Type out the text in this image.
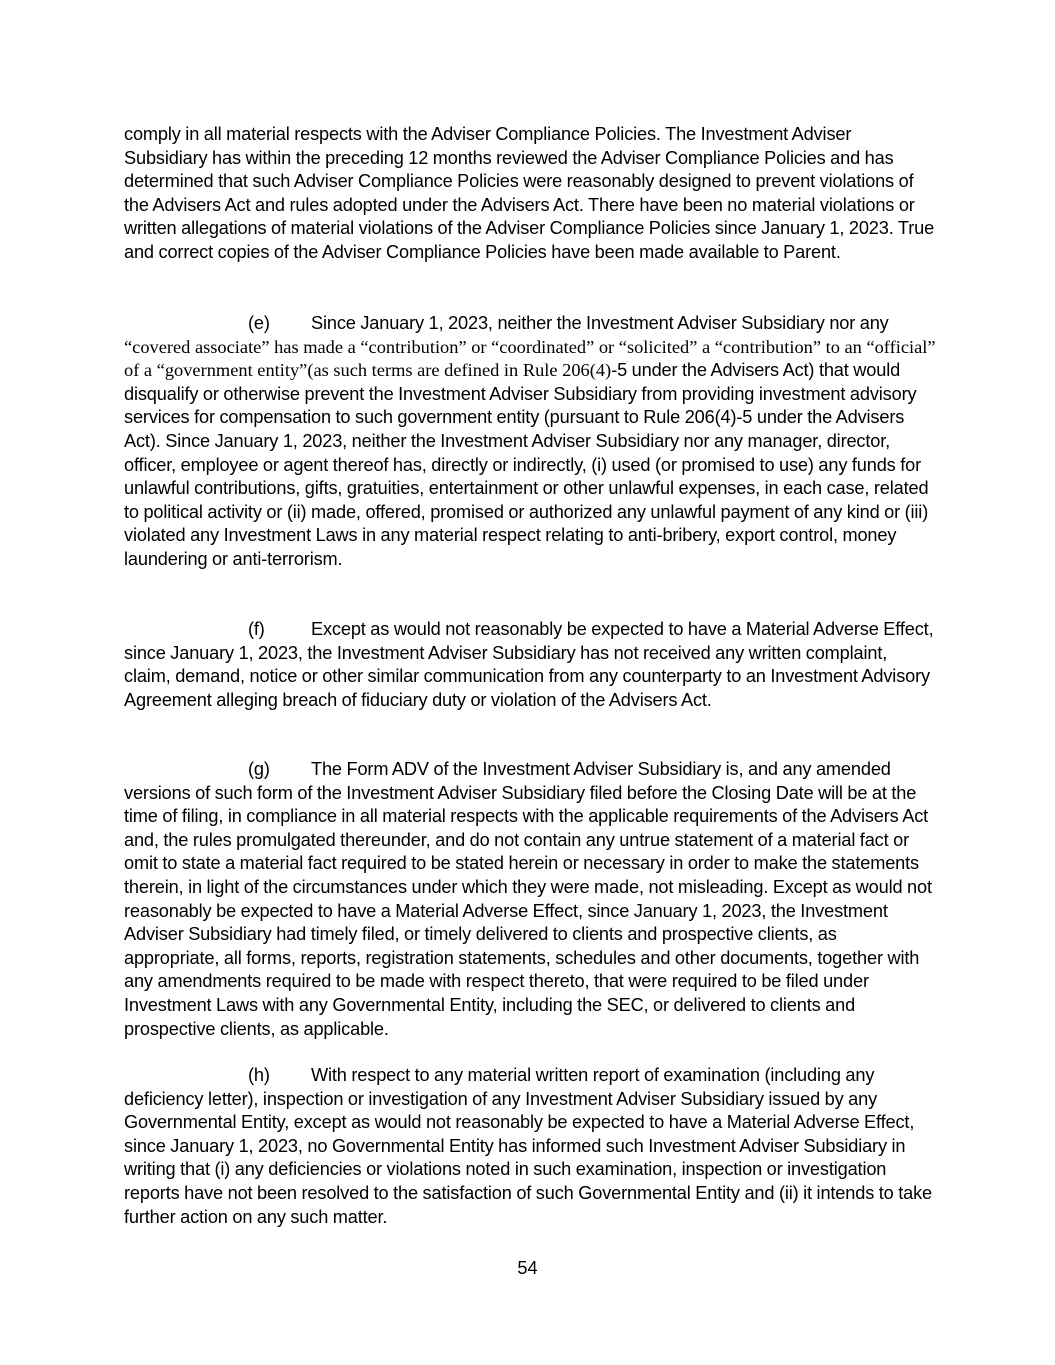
comply in all material respects with the Adviser Compliance Policies. The Investment Adviser Subsidiary has within the preceding 12 months reviewed the Adviser Compliance Policies and has determined that such Adviser Compliance Policies were reasonably designed to prevent violations of the Advisers Act and rules adopted under the Advisers Act. There have been no material violations or written allegations of material violations of the Adviser Compliance Policies since January 1, 2023. True and correct copies of the Adviser Compliance Policies have been made available to Parent.

(e) Since January 1, 2023, neither the Investment Adviser Subsidiary nor any “covered associate” has made a “contribution” or “coordinated” or “solicited” a “contribution” to an “official” of a “government entity”(as such terms are defined in Rule 206(4)-5 under the Advisers Act) that would disqualify or otherwise prevent the Investment Adviser Subsidiary from providing investment advisory services for compensation to such government entity (pursuant to Rule 206(4)-5 under the Advisers Act). Since January 1, 2023, neither the Investment Adviser Subsidiary nor any manager, director, officer, employee or agent thereof has, directly or indirectly, (i) used (or promised to use) any funds for unlawful contributions, gifts, gratuities, entertainment or other unlawful expenses, in each case, related to political activity or (ii) made, offered, promised or authorized any unlawful payment of any kind or (iii) violated any Investment Laws in any material respect relating to anti-bribery, export control, money laundering or anti-terrorism.

(f)	Except as would not reasonably be expected to have a Material Adverse Effect, since January 1, 2023, the Investment Adviser Subsidiary has not received any written complaint, claim, demand, notice or other similar communication from any counterparty to an Investment Advisory Agreement alleging breach of fiduciary duty or violation of the Advisers Act.

(g) The Form ADV of the Investment Adviser Subsidiary is, and any amended versions of such form of the Investment Adviser Subsidiary filed before the Closing Date will be at the time of filing, in compliance in all material respects with the applicable requirements of the Advisers Act and, the rules promulgated thereunder, and do not contain any untrue statement of a material fact or omit to state a material fact required to be stated herein or necessary in order to make the statements therein, in light of the circumstances under which they were made, not misleading. Except as would not reasonably be expected to have a Material Adverse Effect, since January 1, 2023, the Investment Adviser Subsidiary had timely filed, or timely delivered to clients and prospective clients, as appropriate, all forms, reports, registration statements, schedules and other documents, together with any amendments required to be made with respect thereto, that were required to be filed under Investment Laws with any Governmental Entity, including the SEC, or delivered to clients and prospective clients, as applicable.

(h) With respect to any material written report of examination (including any deficiency letter), inspection or investigation of any Investment Adviser Subsidiary issued by any Governmental Entity, except as would not reasonably be expected to have a Material Adverse Effect, since January 1, 2023, no Governmental Entity has informed such Investment Adviser Subsidiary in writing that (i) any deficiencies or violations noted in such examination, inspection or investigation reports have not been resolved to the satisfaction of such Governmental Entity and (ii) it intends to take further action on any such matter.

54
